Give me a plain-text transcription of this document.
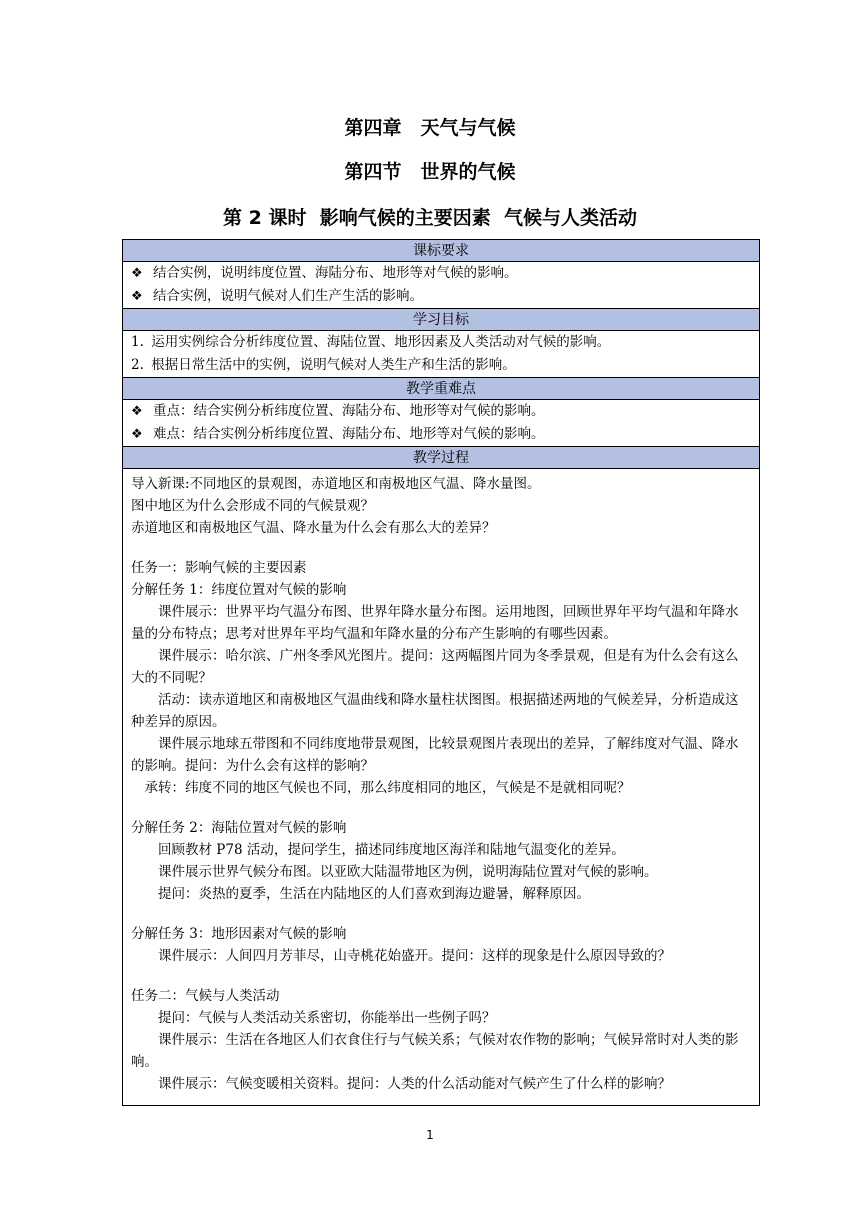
第四章　天气与气候
第四节　世界的气候
第 2 课时  影响气候的主要因素  气候与人类活动
课标要求
❖ 结合实例，说明纬度位置、海陆分布、地形等对气候的影响。
❖ 结合实例，说明气候对人们生产生活的影响。
学习目标
1. 运用实例综合分析纬度位置、海陆位置、地形因素及人类活动对气候的影响。
2. 根据日常生活中的实例，说明气候对人类生产和生活的影响。
教学重难点
❖ 重点：结合实例分析纬度位置、海陆分布、地形等对气候的影响。
❖ 难点：结合实例分析纬度位置、海陆分布、地形等对气候的影响。
教学过程

导入新课:不同地区的景观图，赤道地区和南极地区气温、降水量图。

图中地区为什么会形成不同的气候景观？

赤道地区和南极地区气温、降水量为什么会有那么大的差异？

任务一：影响气候的主要因素

分解任务 1：纬度位置对气候的影响

课件展示：世界平均气温分布图、世界年降水量分布图。运用地图，回顾世界年平均气温和年降水量的分布特点；思考对世界年平均气温和年降水量的分布产生影响的有哪些因素。

课件展示：哈尔滨、广州冬季风光图片。提问：这两幅图片同为冬季景观，但是有为什么会有这么大的不同呢？

活动：读赤道地区和南极地区气温曲线和降水量柱状图图。根据描述两地的气候差异，分析造成这种差异的原因。

课件展示地球五带图和不同纬度地带景观图，比较景观图片表现出的差异，了解纬度对气温、降水的影响。提问：为什么会有这样的影响？

承转：纬度不同的地区气候也不同，那么纬度相同的地区，气候是不是就相同呢？

分解任务 2：海陆位置对气候的影响

回顾教材 P78 活动，提问学生，描述同纬度地区海洋和陆地气温变化的差异。

课件展示世界气候分布图。以亚欧大陆温带地区为例，说明海陆位置对气候的影响。

提问：炎热的夏季，生活在内陆地区的人们喜欢到海边避暑，解释原因。

分解任务 3：地形因素对气候的影响

课件展示：人间四月芳菲尽，山寺桃花始盛开。提问：这样的现象是什么原因导致的？

任务二：气候与人类活动

提问：气候与人类活动关系密切，你能举出一些例子吗？

课件展示：生活在各地区人们衣食住行与气候关系；气候对农作物的影响；气候异常时对人类的影响。

课件展示：气候变暖相关资料。提问：人类的什么活动能对气候产生了什么样的影响？

1
